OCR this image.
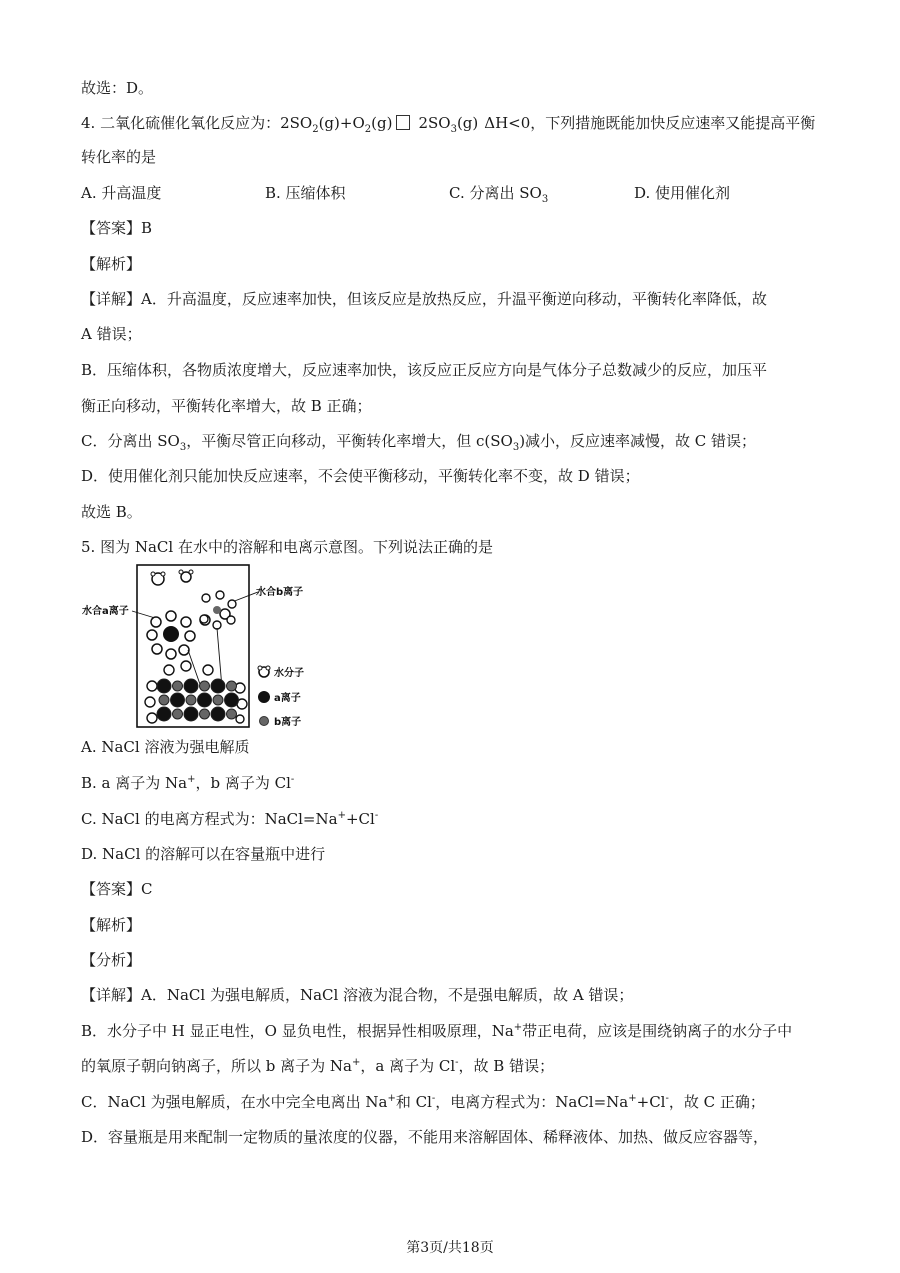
故选：D。
4. 二氧化硫催化氧化反应为：$2SO_2(g)+O_2(g)$ $2SO_3(g)$ ΔH<0，下列措施既能加快反应速率又能提高平衡
转化率的是
A. 升高温度	B. 压缩体积	C. 分离出 $SO_3$	D. 使用催化剂
【答案】B
【解析】
【详解】A．升高温度，反应速率加快，但该反应是放热反应，升温平衡逆向移动，平衡转化率降低，故
A 错误；
B．压缩体积，各物质浓度增大，反应速率加快，该反应正反应方向是气体分子总数减少的反应，加压平
衡正向移动，平衡转化率增大，故 B 正确；
C．分离出 $SO_3$，平衡尽管正向移动，平衡转化率增大，但 $c(SO_3)$减小，反应速率减慢，故 C 错误；
D．使用催化剂只能加快反应速率，不会使平衡移动，平衡转化率不变，故 D 错误；
故选 B。
5. 图为 NaCl 在水中的溶解和电离示意图。下列说法正确的是
水合a离子
水合b离子
水分子
a离子
b离子
A. NaCl 溶液为强电解质
B. a 离子为 Na+，b 离子为 Cl-
C. NaCl 的电离方程式为：NaCl=Na++Cl-
D. NaCl 的溶解可以在容量瓶中进行
【答案】C
【解析】
【分析】
【详解】A．NaCl 为强电解质，NaCl 溶液为混合物，不是强电解质，故 A 错误；
B．水分子中 H 显正电性，O 显负电性，根据异性相吸原理，Na+带正电荷，应该是围绕钠离子的水分子中
的氧原子朝向钠离子，所以 b 离子为 Na+，a 离子为 Cl-，故 B 错误；
C．NaCl 为强电解质，在水中完全电离出 Na+和 Cl-，电离方程式为：NaCl=Na++Cl-，故 C 正确；
D．容量瓶是用来配制一定物质的量浓度的仪器，不能用来溶解固体、稀释液体、加热、做反应容器等，
第3页/共18页
